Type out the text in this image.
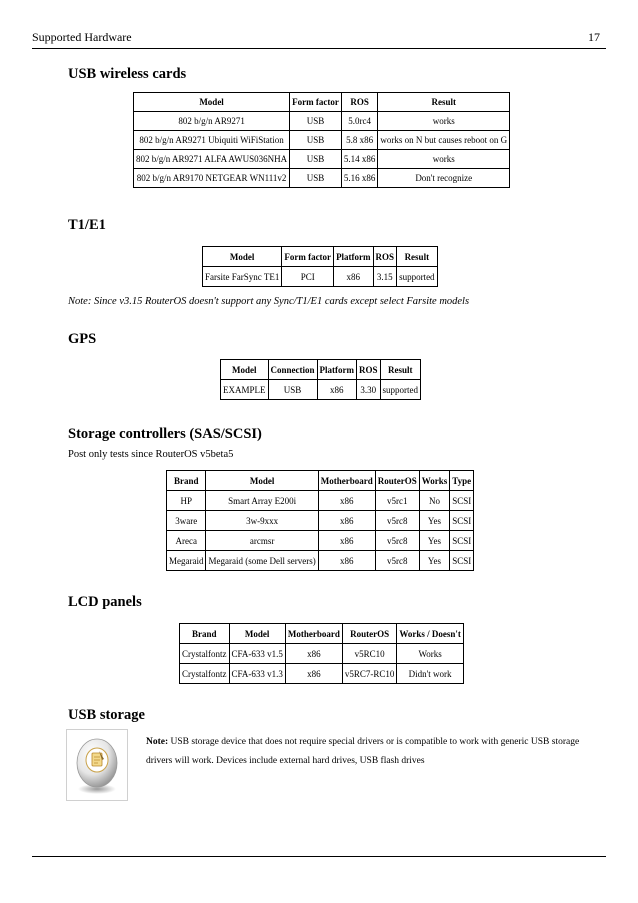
Supported Hardware	17
USB wireless cards
Model	Form factor	ROS	Result
802 b/g/n AR9271	USB	5.0rc4	works
802 b/g/n AR9271 Ubiquiti WiFiStation	USB	5.8 x86	works on N but causes reboot on G
802 b/g/n AR9271 ALFA AWUS036NHA	USB	5.14 x86	works
802 b/g/n AR9170 NETGEAR WN111v2	USB	5.16 x86	Don't recognize
T1/E1
Model	Form factor	Platform	ROS	Result
Farsite FarSync TE1	PCI	x86	3.15	supported
Note: Since v3.15 RouterOS doesn't support any Sync/T1/E1 cards except select Farsite models
GPS
Model	Connection	Platform	ROS	Result
EXAMPLE	USB	x86	3.30	supported
Storage controllers (SAS/SCSI)
Post only tests since RouterOS v5beta5
Brand	Model	Motherboard	RouterOS	Works	Type
HP	Smart Array E200i	x86	v5rc1	No	SCSI
3ware	3w-9xxx	x86	v5rc8	Yes	SCSI
Areca	arcmsr	x86	v5rc8	Yes	SCSI
Megaraid	Megaraid (some Dell servers)	x86	v5rc8	Yes	SCSI
LCD panels
Brand	Model	Motherboard	RouterOS	Works / Doesn't
Crystalfontz	CFA-633 v1.5	x86	v5RC10	Works
Crystalfontz	CFA-633 v1.3	x86	v5RC7-RC10	Didn't work
USB storage
Note: USB storage device that does not require special drivers or is compatible to work with generic USB storage drivers will work. Devices include external hard drives, USB flash drives
